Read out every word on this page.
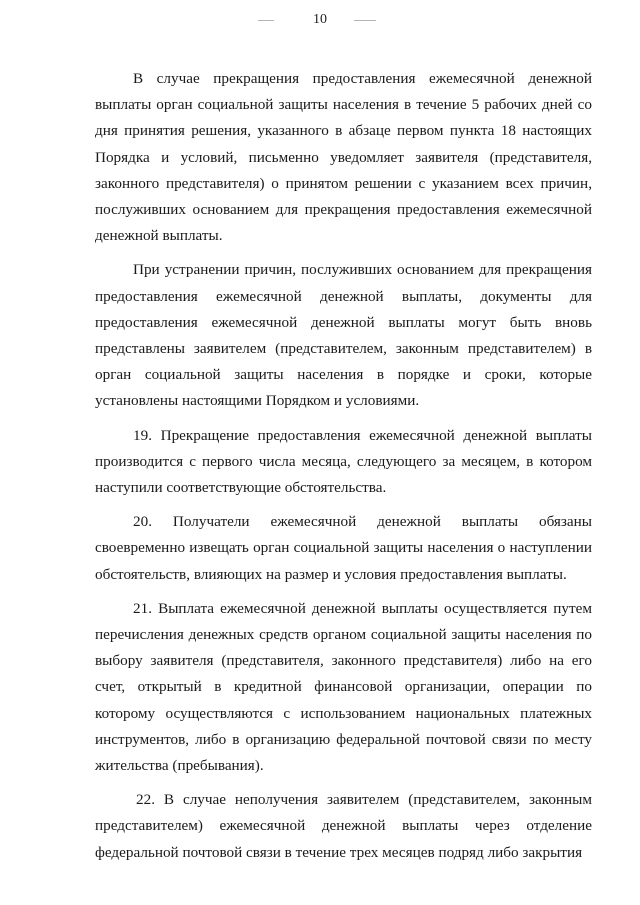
10

В случае прекращения предоставления ежемесячной денежной выплаты орган социальной защиты населения в течение 5 рабочих дней со дня принятия решения, указанного в абзаце первом пункта 18 настоящих Порядка и условий, письменно уведомляет заявителя (представителя, законного представителя) о принятом решении с указанием всех причин, послуживших основанием для прекращения предоставления ежемесячной денежной выплаты.

При устранении причин, послуживших основанием для прекращения предоставления ежемесячной денежной выплаты, документы для предоставления ежемесячной денежной выплаты могут быть вновь представлены заявителем (представителем, законным представителем) в орган социальной защиты населения в порядке и сроки, которые установлены настоящими Порядком и условиями.

19. Прекращение предоставления ежемесячной денежной выплаты производится с первого числа месяца, следующего за месяцем, в котором наступили соответствующие обстоятельства.

20. Получатели ежемесячной денежной выплаты обязаны своевременно извещать орган социальной защиты населения о наступлении обстоятельств, влияющих на размер и условия предоставления выплаты.

21. Выплата ежемесячной денежной выплаты осуществляется путем перечисления денежных средств органом социальной защиты населения по выбору заявителя (представителя, законного представителя) либо на его счет, открытый в кредитной финансовой организации, операции по которому осуществляются с использованием национальных платежных инструментов, либо в организацию федеральной почтовой связи по месту жительства (пребывания).

22. В случае неполучения заявителем (представителем, законным представителем) ежемесячной денежной выплаты через отделение федеральной почтовой связи в течение трех месяцев подряд либо закрытия
